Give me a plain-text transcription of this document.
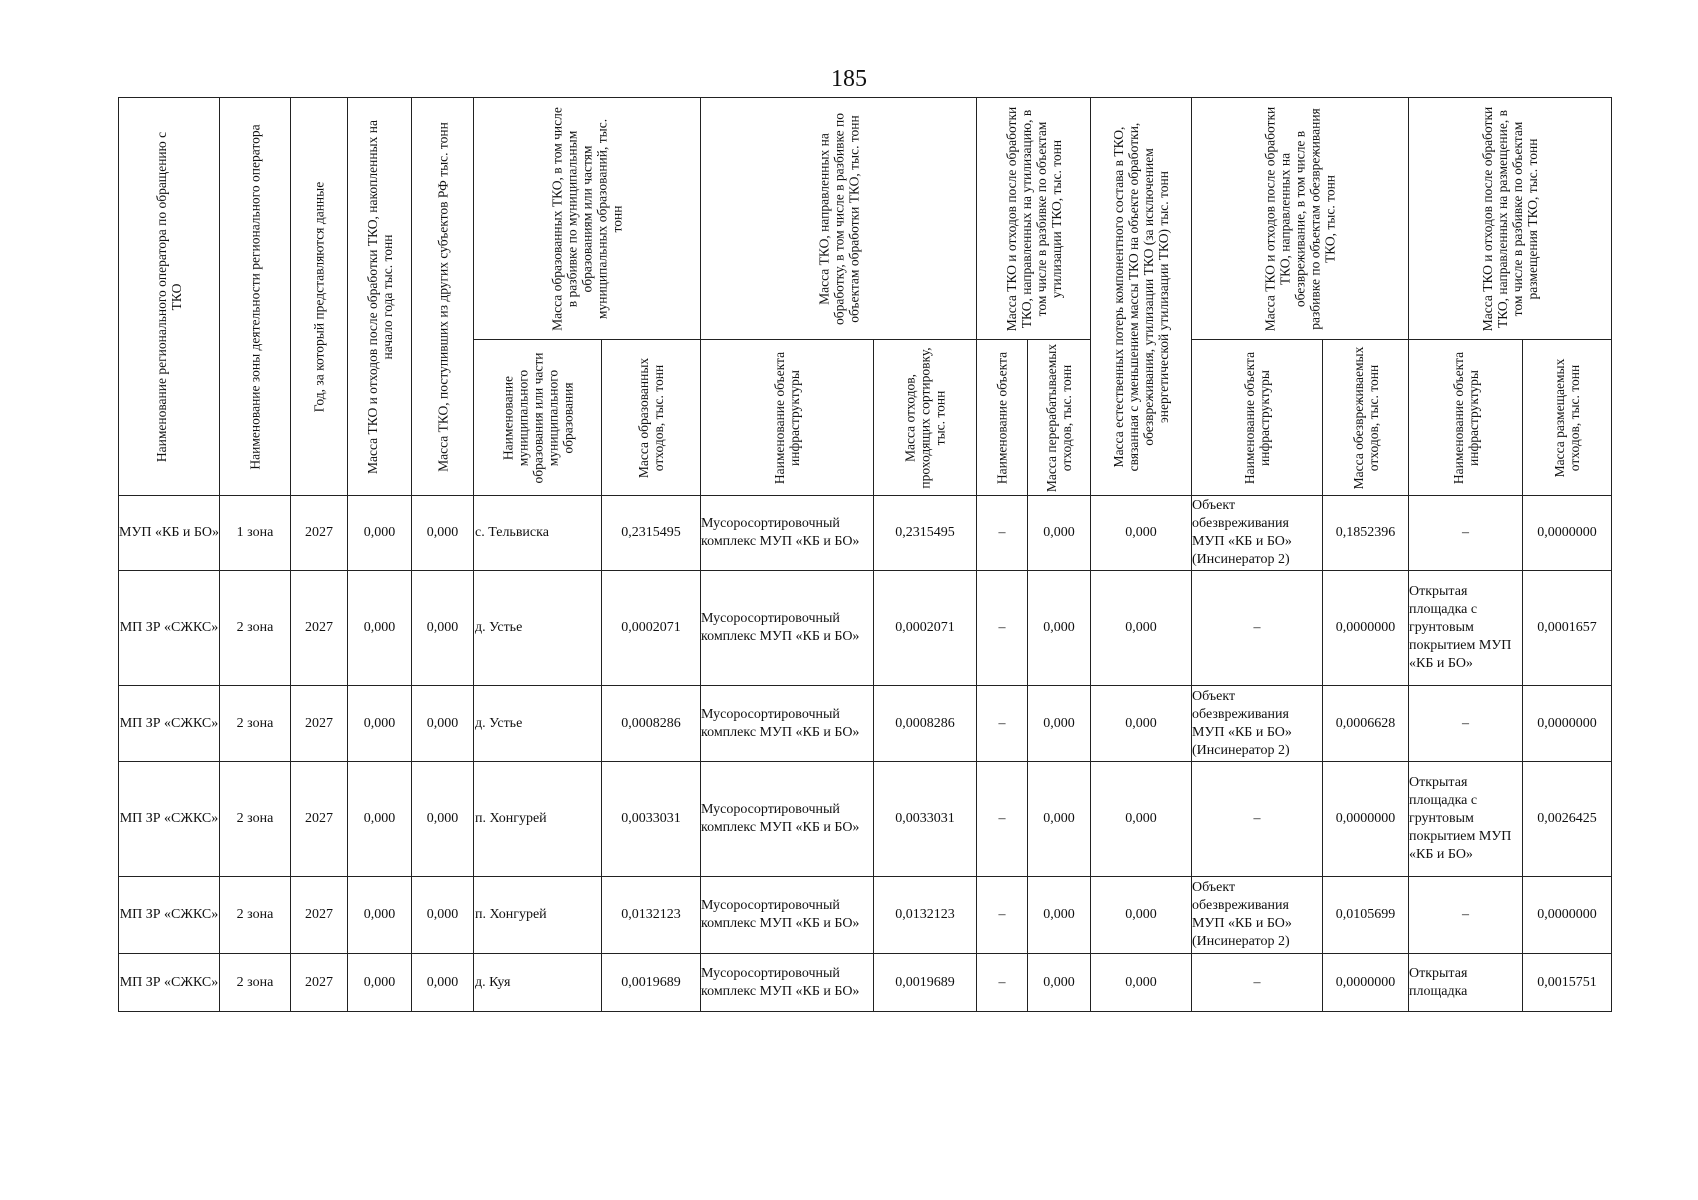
185
Наименование регионального оператора по обращению с ТКО	Наименование зоны деятельности регионального оператора	Год, за который представляются данные	Масса ТКО и отходов после обработки ТКО, накопленных на начало года тыс. тонн	Масса ТКО, поступивших из других субъектов РФ тыс. тонн	Масса образованных ТКО, в том числе в разбивке по муниципальным образованиям или частям муниципальных образований, тыс. тонн		Масса ТКО, направленных на обработку, в том числе в разбивке по объектам обработки ТКО, тыс. тонн		Масса ТКО и отходов после обработки ТКО, направленных на утилизацию, в том числе в разбивке по объектам утилизации ТКО, тыс. тонн		Масса естественных потерь компонентного состава в ТКО, связанная с уменьшением массы ТКО на объекте обработки, обезвреживания, утилизации ТКО (за исключением энергетической утилизации ТКО) тыс. тонн	Масса ТКО и отходов после обработки ТКО, направленных на обезвреживание, в том числе в разбивке по объектам обезвреживания ТКО, тыс. тонн		Масса ТКО и отходов после обработки ТКО, направленных на размещение, в том числе в разбивке по объектам размещения ТКО, тыс. тонн	

					Наименование муниципального образования или части муниципального образования	Масса образованных отходов, тыс. тонн	Наименование объекта инфраструктуры	Масса отходов, проходящих сортировку, тыс. тонн	Наименование объекта	Масса перерабатываемых отходов, тыс. тонн		Наименование объекта инфраструктуры	Масса обезвреживаемых отходов, тыс. тонн	Наименование объекта инфраструктуры	Масса размещаемых отходов, тыс. тонн

МУП «КБ и БО»	1 зона	2027	0,000	0,000	с. Тельвиска	0,2315495	Мусоросортировочный комплекс МУП «КБ и БО»	0,2315495	–	0,000	0,000	Объект обезвреживания МУП «КБ и БО» (Инсинератор 2)	0,1852396	–	0,0000000
МП ЗР «СЖКС»	2 зона	2027	0,000	0,000	д. Устье	0,0002071	Мусоросортировочный комплекс МУП «КБ и БО»	0,0002071	–	0,000	0,000	–	0,0000000	Открытая площадка с грунтовым покрытием МУП «КБ и БО»	0,0001657
МП ЗР «СЖКС»	2 зона	2027	0,000	0,000	д. Устье	0,0008286	Мусоросортировочный комплекс МУП «КБ и БО»	0,0008286	–	0,000	0,000	Объект обезвреживания МУП «КБ и БО» (Инсинератор 2)	0,0006628	–	0,0000000
МП ЗР «СЖКС»	2 зона	2027	0,000	0,000	п. Хонгурей	0,0033031	Мусоросортировочный комплекс МУП «КБ и БО»	0,0033031	–	0,000	0,000	–	0,0000000	Открытая площадка с грунтовым покрытием МУП «КБ и БО»	0,0026425
МП ЗР «СЖКС»	2 зона	2027	0,000	0,000	п. Хонгурей	0,0132123	Мусоросортировочный комплекс МУП «КБ и БО»	0,0132123	–	0,000	0,000	Объект обезвреживания МУП «КБ и БО» (Инсинератор 2)	0,0105699	–	0,0000000
МП ЗР «СЖКС»	2 зона	2027	0,000	0,000	д. Куя	0,0019689	Мусоросортировочный комплекс МУП «КБ и БО»	0,0019689	–	0,000	0,000	–	0,0000000	Открытая площадка	0,0015751
